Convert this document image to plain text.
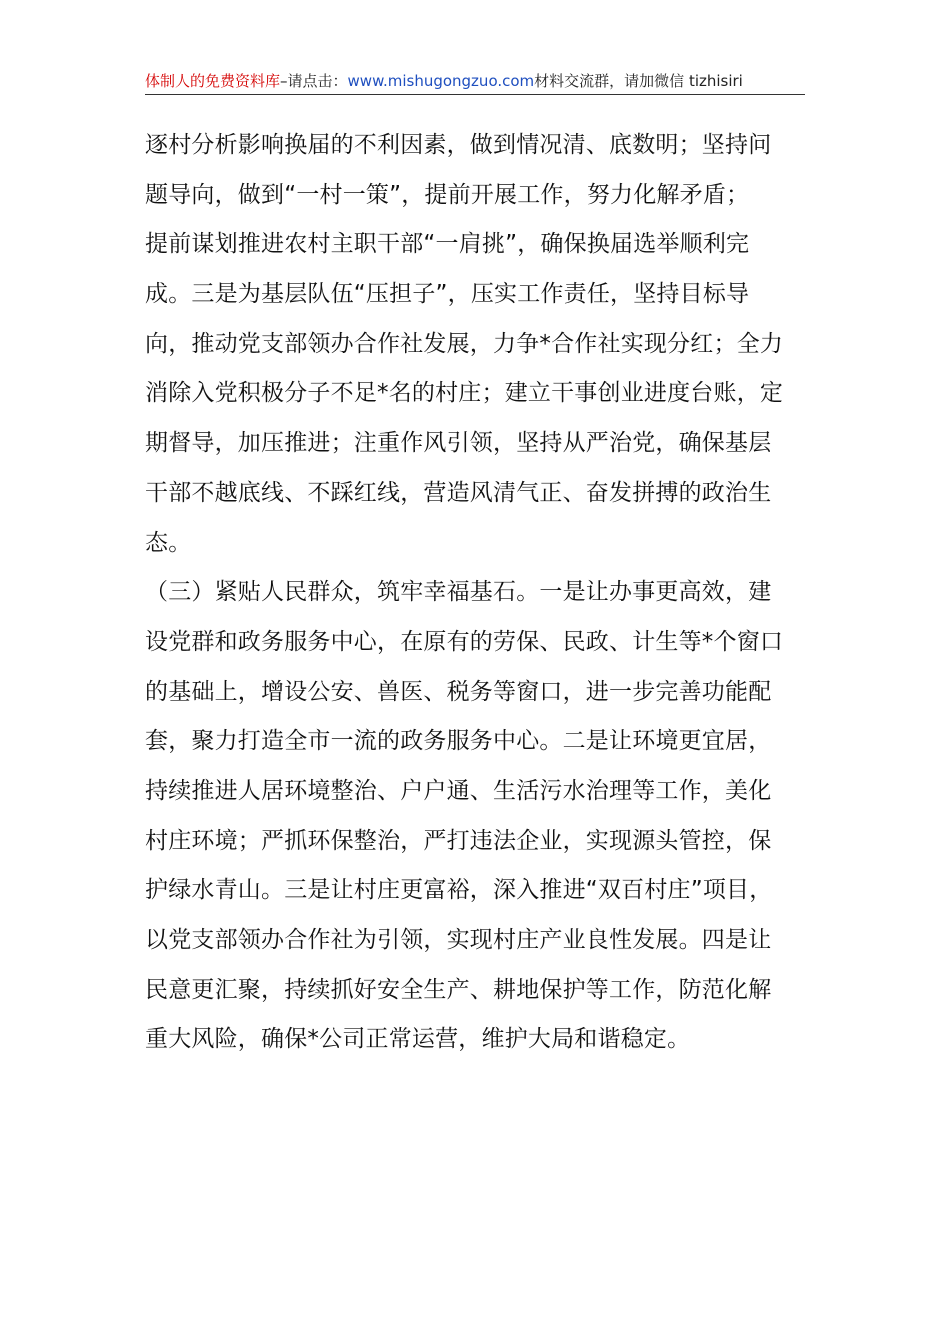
体制人的免费资料库–请点击：www.mishugongzuo.com材料交流群，请加微信 tizhisiri
逐村分析影响换届的不利因素，做到情况清、底数明；坚持问
题导向，做到“一村一策”，提前开展工作，努力化解矛盾；
提前谋划推进农村主职干部“一肩挑”，确保换届选举顺利完
成。三是为基层队伍“压担子”，压实工作责任，坚持目标导
向，推动党支部领办合作社发展，力争*合作社实现分红；全力
消除入党积极分子不足*名的村庄；建立干事创业进度台账，定
期督导，加压推进；注重作风引领，坚持从严治党，确保基层
干部不越底线、不踩红线，营造风清气正、奋发拼搏的政治生
态。
（三）紧贴人民群众，筑牢幸福基石。一是让办事更高效，建
设党群和政务服务中心，在原有的劳保、民政、计生等*个窗口
的基础上，增设公安、兽医、税务等窗口，进一步完善功能配
套，聚力打造全市一流的政务服务中心。二是让环境更宜居，
持续推进人居环境整治、户户通、生活污水治理等工作，美化
村庄环境；严抓环保整治，严打违法企业，实现源头管控，保
护绿水青山。三是让村庄更富裕，深入推进“双百村庄”项目，
以党支部领办合作社为引领，实现村庄产业良性发展。四是让
民意更汇聚，持续抓好安全生产、耕地保护等工作，防范化解
重大风险，确保*公司正常运营，维护大局和谐稳定。
